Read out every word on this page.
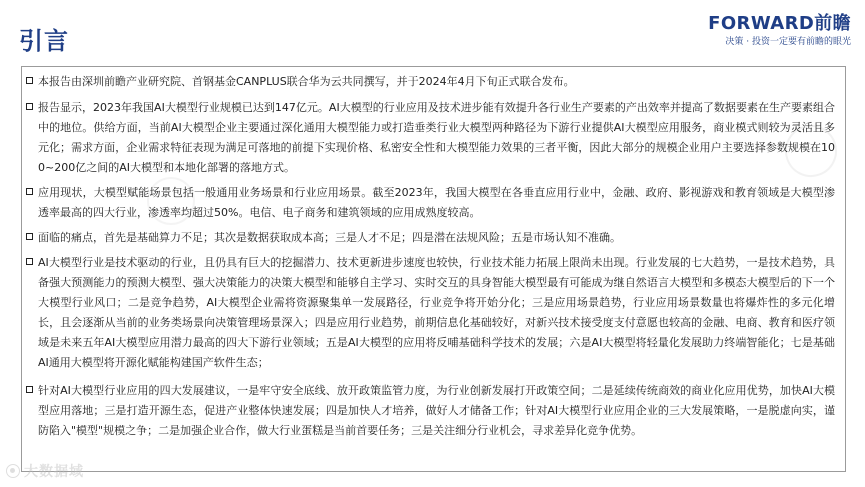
引言
FORWARD前瞻
决策 · 投资一定要有前瞻的眼光

本报告由深圳前瞻产业研究院、首钢基金CANPLUS联合华为云共同撰写，并于2024年4月下旬正式联合发布。

报告显示，2023年我国AI大模型行业规模已达到147亿元。AI大模型的行业应用及技术进步能有效提升各行业生产要素的产出效率并提高了数据要素在生产要素组合中的地位。供给方面，当前AI大模型企业主要通过深化通用大模型能力或打造垂类行业大模型两种路径为下游行业提供AI大模型应用服务，商业模式则较为灵活且多元化；需求方面，企业需求特征表现为满足可落地的前提下实现价格、私密安全性和大模型能力效果的三者平衡，因此大部分的规模企业用户主要选择参数规模在100~200亿之间的AI大模型和本地化部署的落地方式。

应用现状，大模型赋能场景包括一般通用业务场景和行业应用场景。截至2023年，我国大模型在各垂直应用行业中，金融、政府、影视游戏和教育领域是大模型渗透率最高的四大行业，渗透率均超过50%。电信、电子商务和建筑领域的应用成熟度较高。

面临的痛点，首先是基础算力不足；其次是数据获取成本高；三是人才不足；四是潜在法规风险；五是市场认知不准确。

AI大模型行业是技术驱动的行业，且仍具有巨大的挖掘潜力、技术更新进步速度也较快，行业技术能力拓展上限尚未出现。行业发展的七大趋势，一是技术趋势，具备强大预测能力的预测大模型、强大决策能力的决策大模型和能够自主学习、实时交互的具身智能大模型最有可能成为继自然语言大模型和多模态大模型后的下一个大模型行业风口；二是竞争趋势，AI大模型企业需将资源聚集单一发展路径，行业竞争将开始分化；三是应用场景趋势，行业应用场景数量也将爆炸性的多元化增长，且会逐渐从当前的业务类场景向决策管理场景深入；四是应用行业趋势，前期信息化基础较好，对新兴技术接受度支付意愿也较高的金融、电商、教育和医疗领域是未来五年AI大模型应用潜力最高的四大下游行业领域；五是AI大模型的应用将反哺基础科学技术的发展；六是AI大模型将轻量化发展助力终端智能化；七是基础AI通用大模型将开源化赋能构建国产软件生态；

针对AI大模型行业应用的四大发展建议，一是牢守安全底线、放开政策监管力度，为行业创新发展打开政策空间；二是延续传统商效的商业化应用优势，加快AI大模型应用落地；三是打造开源生态，促进产业整体快速发展；四是加快人才培养，做好人才储备工作；针对AI大模型行业应用企业的三大发展策略，一是脱虚向实，谨防陷入"模型"规模之争；二是加强企业合作，做大行业蛋糕是当前首要任务；三是关注细分行业机会，寻求差异化竞争优势。

大数据域
